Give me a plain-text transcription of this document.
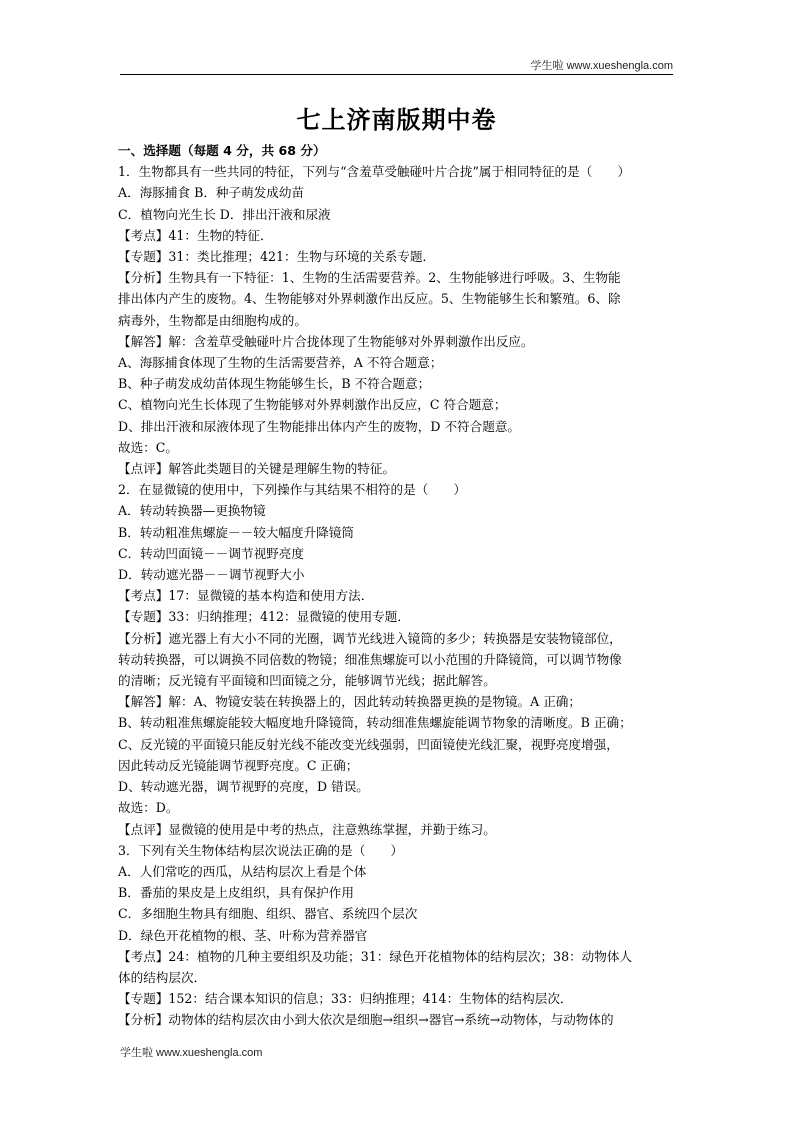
学生啦 www.xueshengla.com
七上济南版期中卷
一、选择题（每题 4 分，共 68 分）
1．生物都具有一些共同的特征，下列与“含羞草受触碰叶片合拢”属于相同特征的是（　　）
A．海豚捕食 B．种子萌发成幼苗
C．植物向光生长 D．排出汗液和尿液
【考点】41：生物的特征．
【专题】31：类比推理；421：生物与环境的关系专题．
【分析】生物具有一下特征：1、生物的生活需要营养。2、生物能够进行呼吸。3、生物能
排出体内产生的废物。4、生物能够对外界刺激作出反应。5、生物能够生长和繁殖。6、除
病毒外，生物都是由细胞构成的。
【解答】解：含羞草受触碰叶片合拢体现了生物能够对外界刺激作出反应。
A、海豚捕食体现了生物的生活需要营养，A 不符合题意；
B、种子萌发成幼苗体现生物能够生长，B 不符合题意；
C、植物向光生长体现了生物能够对外界刺激作出反应，C 符合题意；
D、排出汗液和尿液体现了生物能排出体内产生的废物，D 不符合题意。
故选：C。
【点评】解答此类题目的关键是理解生物的特征。
2．在显微镜的使用中，下列操作与其结果不相符的是（　　）
A．转动转换器—更换物镜
B．转动粗准焦螺旋－－较大幅度升降镜筒
C．转动凹面镜－－调节视野亮度
D．转动遮光器－－调节视野大小
【考点】17：显微镜的基本构造和使用方法．
【专题】33：归纳推理；412：显微镜的使用专题．
【分析】遮光器上有大小不同的光圈，调节光线进入镜筒的多少；转换器是安装物镜部位，
转动转换器，可以调换不同倍数的物镜；细准焦螺旋可以小范围的升降镜筒，可以调节物像
的清晰；反光镜有平面镜和凹面镜之分，能够调节光线；据此解答。
【解答】解：A、物镜安装在转换器上的，因此转动转换器更换的是物镜。A 正确；
B、转动粗准焦螺旋能较大幅度地升降镜筒，转动细准焦螺旋能调节物象的清晰度。B 正确；
C、反光镜的平面镜只能反射光线不能改变光线强弱，凹面镜使光线汇聚，视野亮度增强，
因此转动反光镜能调节视野亮度。C 正确；
D、转动遮光器，调节视野的亮度，D 错误。
故选：D。
【点评】显微镜的使用是中考的热点，注意熟练掌握，并勤于练习。
3．下列有关生物体结构层次说法正确的是（　　）
A．人们常吃的西瓜，从结构层次上看是个体
B．番茄的果皮是上皮组织，具有保护作用
C．多细胞生物具有细胞、组织、器官、系统四个层次
D．绿色开花植物的根、茎、叶称为营养器官
【考点】24：植物的几种主要组织及功能；31：绿色开花植物体的结构层次；38：动物体人
体的结构层次．
【专题】152：结合课本知识的信息；33：归纳推理；414：生物体的结构层次．
【分析】动物体的结构层次由小到大依次是细胞→组织→器官→系统→动物体，与动物体的
学生啦 www.xueshengla.com
